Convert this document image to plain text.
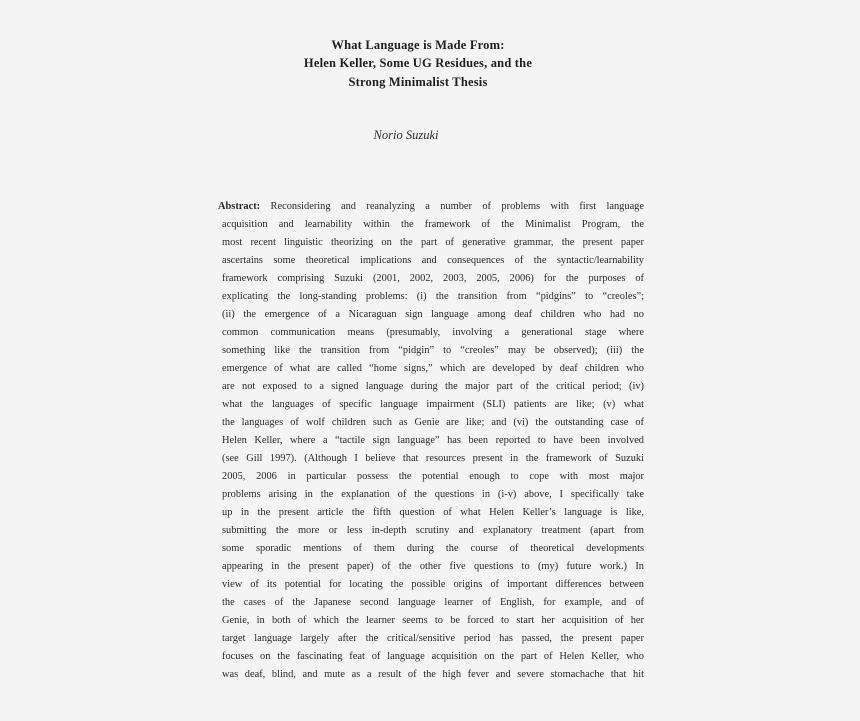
What Language is Made From:
Helen Keller, Some UG Residues, and the
Strong Minimalist Thesis
Norio Suzuki
Abstract: Reconsidering and reanalyzing a number of problems with first language
acquisition and learnability within the framework of the Minimalist Program, the
most recent linguistic theorizing on the part of generative grammar, the present paper
ascertains some theoretical implications and consequences of the syntactic/learnability
framework comprising Suzuki (2001, 2002, 2003, 2005, 2006) for the purposes of
explicating the long-standing problems: (i) the transition from “pidgins” to “creoles”;
(ii) the emergence of a Nicaraguan sign language among deaf children who had no
common communication means (presumably, involving a generational stage where
something like the transition from “pidgin” to “creoles” may be observed); (iii) the
emergence of what are called “home signs,” which are developed by deaf children who
are not exposed to a signed language during the major part of the critical period; (iv)
what the languages of specific language impairment (SLI) patients are like; (v) what
the languages of wolf children such as Genie are like; and (vi) the outstanding case of
Helen Keller, where a “tactile sign language” has been reported to have been involved
(see Gill 1997). (Although I believe that resources present in the framework of Suzuki
2005, 2006 in particular possess the potential enough to cope with most major
problems arising in the explanation of the questions in (i-v) above, I specifically take
up in the present article the fifth question of what Helen Keller’s language is like,
submitting the more or less in-depth scrutiny and explanatory treatment (apart from
some sporadic mentions of them during the course of theoretical developments
appearing in the present paper) of the other five questions to (my) future work.) In
view of its potential for locating the possible origins of important differences between
the cases of the Japanese second language learner of English, for example, and of
Genie, in both of which the learner seems to be forced to start her acquisition of her
target language largely after the critical/sensitive period has passed, the present paper
focuses on the fascinating feat of language acquisition on the part of Helen Keller, who
was deaf, blind, and mute as a result of the high fever and severe stomachache that hit
